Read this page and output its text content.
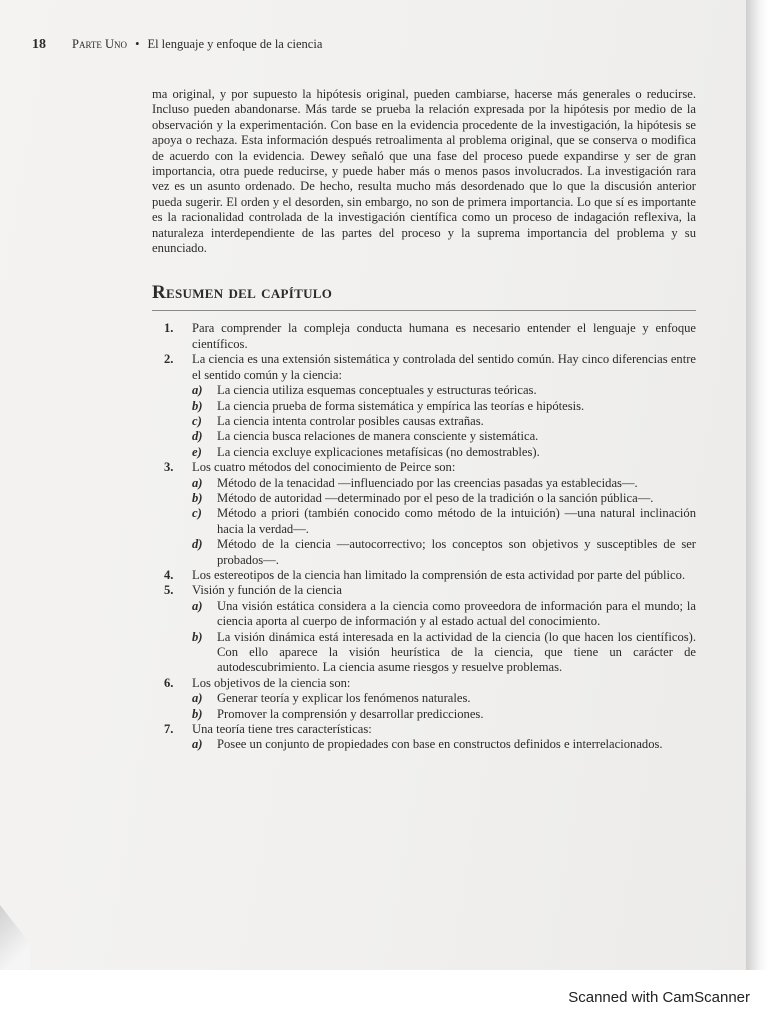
18 Parte Uno • El lenguaje y enfoque de la ciencia

ma original, y por supuesto la hipótesis original, pueden cambiarse, hacerse más generales o reducirse. Incluso pueden abandonarse. Más tarde se prueba la relación expresada por la hipótesis por medio de la observación y la experimentación. Con base en la evidencia procedente de la investigación, la hipótesis se apoya o rechaza. Esta información después retroalimenta al problema original, que se conserva o modifica de acuerdo con la evidencia. Dewey señaló que una fase del proceso puede expandirse y ser de gran importancia, otra puede reducirse, y puede haber más o menos pasos involucrados. La investigación rara vez es un asunto ordenado. De hecho, resulta mucho más desordenado que lo que la discusión anterior pueda sugerir. El orden y el desorden, sin embargo, no son de primera importancia. Lo que sí es importante es la racionalidad controlada de la investigación científica como un proceso de indagación reflexiva, la naturaleza interdependiente de las partes del proceso y la suprema importancia del problema y su enunciado.

Resumen del capítulo
1. Para comprender la compleja conducta humana es necesario entender el lenguaje y enfoque científicos.
2. La ciencia es una extensión sistemática y controlada del sentido común. Hay cinco diferencias entre el sentido común y la ciencia:
a) La ciencia utiliza esquemas conceptuales y estructuras teóricas.
b) La ciencia prueba de forma sistemática y empírica las teorías e hipótesis.
c) La ciencia intenta controlar posibles causas extrañas.
d) La ciencia busca relaciones de manera consciente y sistemática.
e) La ciencia excluye explicaciones metafísicas (no demostrables).
3. Los cuatro métodos del conocimiento de Peirce son:
a) Método de la tenacidad —influenciado por las creencias pasadas ya establecidas—.
b) Método de autoridad —determinado por el peso de la tradición o la sanción pública—.
c) Método a priori (también conocido como método de la intuición) —una natural inclinación hacia la verdad—.
d) Método de la ciencia —autocorrectivo; los conceptos son objetivos y susceptibles de ser probados—.
4. Los estereotipos de la ciencia han limitado la comprensión de esta actividad por parte del público.
5. Visión y función de la ciencia
a) Una visión estática considera a la ciencia como proveedora de información para el mundo; la ciencia aporta al cuerpo de información y al estado actual del conocimiento.
b) La visión dinámica está interesada en la actividad de la ciencia (lo que hacen los científicos). Con ello aparece la visión heurística de la ciencia, que tiene un carácter de autodescubrimiento. La ciencia asume riesgos y resuelve problemas.
6. Los objetivos de la ciencia son:
a) Generar teoría y explicar los fenómenos naturales.
b) Promover la comprensión y desarrollar predicciones.
7. Una teoría tiene tres características:
a) Posee un conjunto de propiedades con base en constructos definidos e interrelacionados.
Scanned with CamScanner
